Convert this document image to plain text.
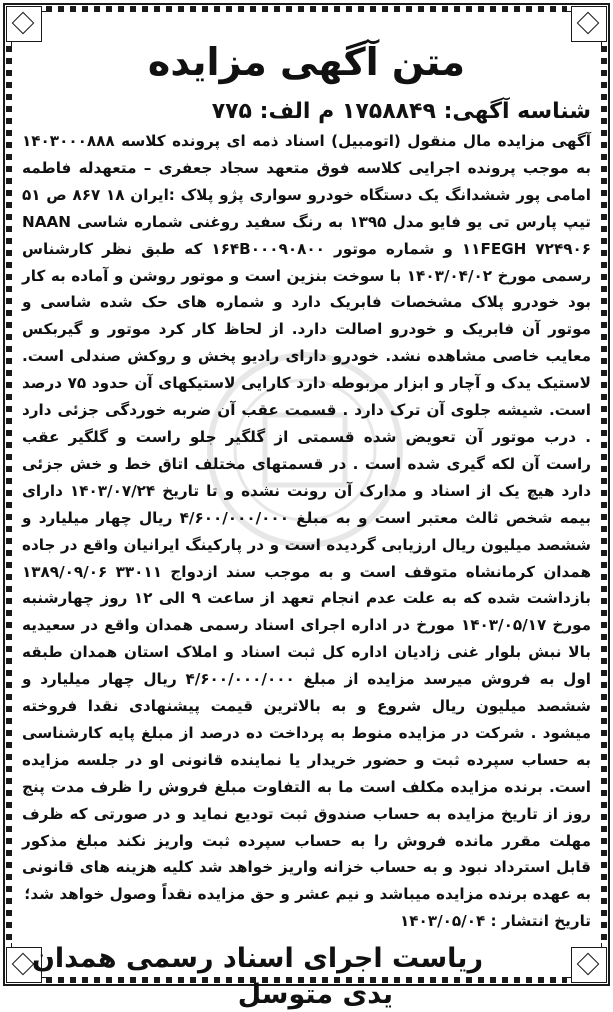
متن آگهی مزایده
شناسه آگهی: ۱۷۵۸۸۴۹ م الف: ۷۷۵

آگهی مزایده مال منقول (اتومبیل) اسناد ذمه ای پرونده کلاسه ۱۴۰۳۰۰۰۸۸۸ به موجب پرونده اجرایی کلاسه فوق متعهد سجاد جعفری – متعهدله فاطمه امامی پور ششدانگ یک دستگاه خودرو سواری پژو پلاک :ایران ۱۸ ۸۶۷ ص ۵۱ تیپ پارس تی یو فایو مدل ۱۳۹۵ به رنگ سفید روغنی شماره شاسی NAAN ۱۱FEGH ۷۲۴۹۰۶ و شماره موتور ۱۶۴B۰۰۰۹۰۸۰۰ که طبق نظر کارشناس رسمی مورخ ۱۴۰۳/۰۴/۰۲ با سوخت بنزین است و موتور روشن و آماده به کار بود خودرو پلاک مشخصات فابریک دارد و شماره های حک شده شاسی و موتور آن فابریک و خودرو اصالت دارد. از لحاظ کار کرد موتور و گیربکس معایب خاصی مشاهده نشد. خودرو دارای رادیو پخش و روکش صندلی است. لاستیک یدک و آچار و ابزار مربوطه دارد کارایی لاستیکهای آن حدود ۷۵ درصد است. شیشه جلوی آن ترک دارد . قسمت عقب آن ضربه خوردگی جزئی دارد . درب موتور آن تعویض شده قسمتی از گلگیر جلو راست و گلگیر عقب راست آن لکه گیری شده است . در قسمتهای مختلف اتاق خط و خش جزئی دارد هیچ یک از اسناد و مدارک آن رونت نشده و تا تاریخ ۱۴۰۳/۰۷/۲۴ دارای بیمه شخص ثالث معتبر است و به مبلغ ۴/۶۰۰/۰۰۰/۰۰۰ ریال چهار میلیارد و ششصد میلیون ریال ارزیابی گردیده است و در پارکینگ ایرانیان واقع در جاده همدان کرمانشاه متوقف است و به موجب سند ازدواج ۳۳۰۱۱ ۱۳۸۹/۰۹/۰۶ بازداشت شده که به علت عدم انجام تعهد از ساعت ۹ الی ۱۲ روز چهارشنبه مورخ ۱۴۰۳/۰۵/۱۷ مورخ در اداره اجرای اسناد رسمی همدان واقع در سعیدیه بالا نبش بلوار غنی زادیان اداره کل ثبت اسناد و املاک استان همدان طبقه اول به فروش میرسد مزایده از مبلغ ۴/۶۰۰/۰۰۰/۰۰۰ ریال چهار میلیارد و ششصد میلیون ریال شروع و به بالاترین قیمت پیشنهادی نقدا فروخته میشود . شرکت در مزایده منوط به پرداخت ده درصد از مبلغ پایه کارشناسی به حساب سپرده ثبت و حضور خریدار یا نماینده قانونی او در جلسه مزایده است. برنده مزایده مکلف است ما به التفاوت مبلغ فروش را ظرف مدت پنج روز از تاریخ مزایده به حساب صندوق ثبت تودیع نماید و در صورتی که ظرف مهلت مقرر مانده فروش را به حساب سپرده ثبت واریز نکند مبلغ مذکور قابل استرداد نبود و به حساب خزانه واریز خواهد شد کلیه هزینه های قانونی به عهده برنده مزایده میباشد و نیم عشر و حق مزایده نقداً وصول خواهد شد؛

تاریخ انتشار : ۱۴۰۳/۰۵/۰۴
ریاست اجرای اسناد رسمی همدان
یدی متوسل
